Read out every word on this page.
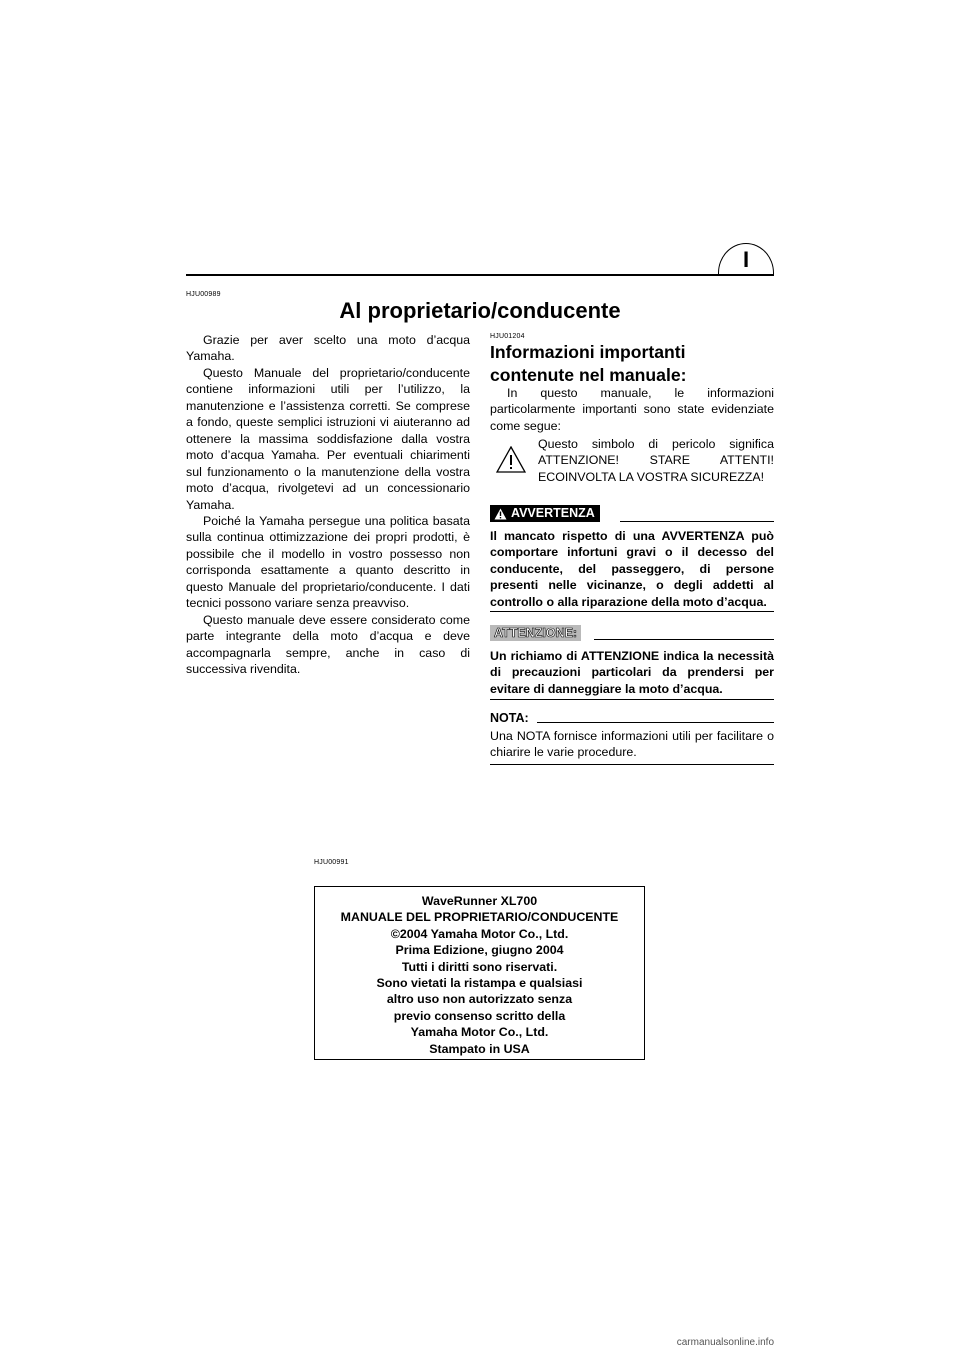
I
HJU00989
Al proprietario/conducente

Grazie per aver scelto una moto d’acqua Yamaha.

Questo Manuale del proprietario/conducente contiene informazioni utili per l’utilizzo, la manutenzione e l’assistenza corretti. Se comprese a fondo, queste semplici istruzioni vi aiuteranno ad ottenere la massima soddisfazione dalla vostra moto d’acqua Yamaha. Per eventuali chiarimenti sul funzionamento o la manutenzione della vostra moto d’acqua, rivolgetevi ad un concessionario Yamaha.

Poiché la Yamaha persegue una politica basata sulla continua ottimizzazione dei propri prodotti, è possibile che il modello in vostro possesso non corrisponda esattamente a quanto descritto in questo Manuale del proprietario/conducente. I dati tecnici possono variare senza preavviso.

Questo manuale deve essere considerato come parte integrante della moto d’acqua e deve accompagnarla sempre, anche in caso di successiva rivendita.

HJU01204
Informazioni importanti
contenute nel manuale:
In questo manuale, le informazioni particolarmente importanti sono state evidenziate come segue:
Questo simbolo di pericolo significa ATTENZIONE! STARE ATTENTI! ECOINVOLTA LA VOSTRA SICUREZZA!
AVVERTENZA
Il mancato rispetto di una AVVERTENZA può comportare infortuni gravi o il decesso del conducente, del passeggero, di persone presenti nelle vicinanze, o degli addetti al controllo o alla riparazione della moto d’acqua.
ATTENZIONE:
Un richiamo di ATTENZIONE indica la necessità di precauzioni particolari da prendersi per evitare di danneggiare la moto d’acqua.
NOTA:
Una NOTA fornisce informazioni utili per facilitare o chiarire le varie procedure.
HJU00991
WaveRunner XL700
MANUALE DEL PROPRIETARIO/CONDUCENTE
©2004 Yamaha Motor Co., Ltd.
Prima Edizione, giugno 2004
Tutti i diritti sono riservati.
Sono vietati la ristampa e qualsiasi
altro uso non autorizzato senza
previo consenso scritto della
Yamaha Motor Co., Ltd.
Stampato in USA
carmanualsonline.info
